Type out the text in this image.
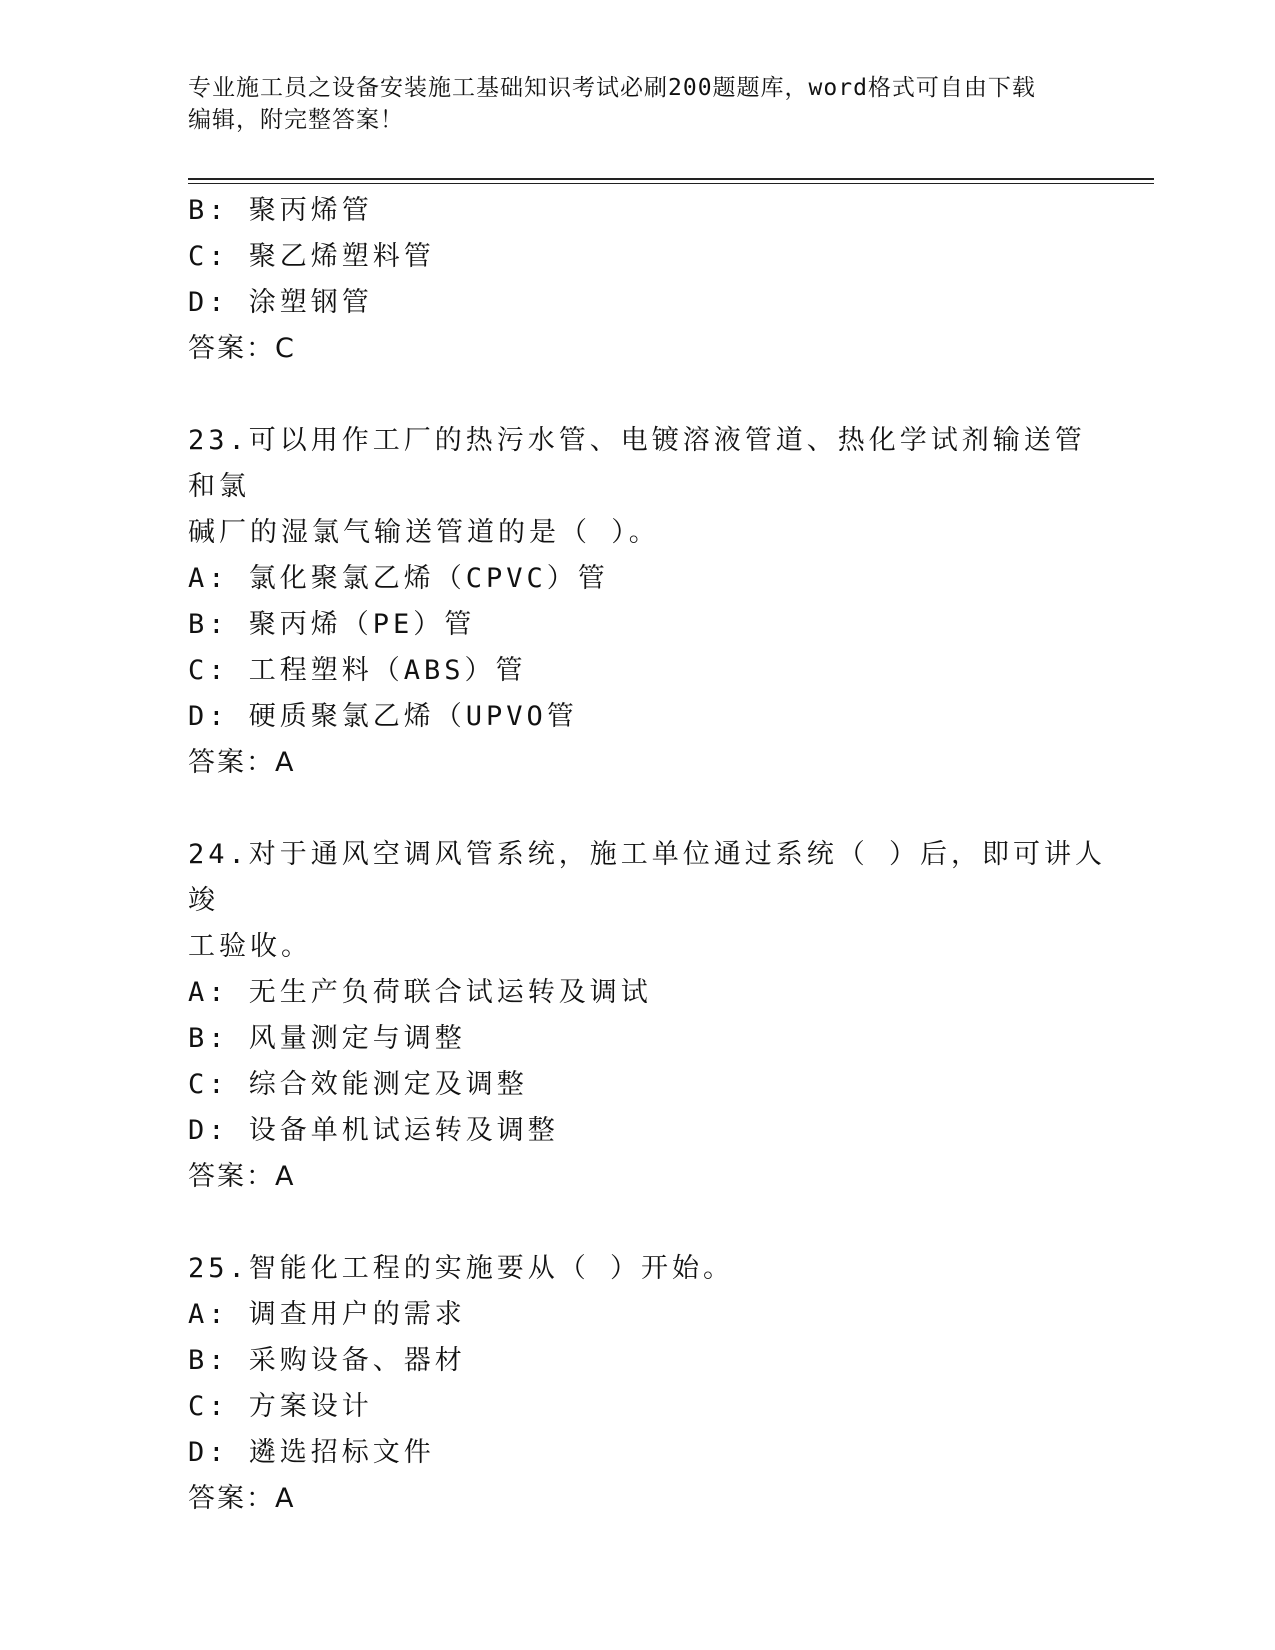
专业施工员之设备安装施工基础知识考试必刷200题题库，word格式可自由下载
编辑，附完整答案！
B: 聚丙烯管
C: 聚乙烯塑料管
D: 涂塑钢管
答案：C
23.可以用作工厂的热污水管、电镀溶液管道、热化学试剂输送管和氯
碱厂的湿氯气输送管道的是（ ）。
A: 氯化聚氯乙烯（CPVC）管
B: 聚丙烯（PE）管
C: 工程塑料（ABS）管
D: 硬质聚氯乙烯（UPVO管
答案：A
24.对于通风空调风管系统，施工单位通过系统（ ）后，即可讲人竣
工验收。
A: 无生产负荷联合试运转及调试
B: 风量测定与调整
C: 综合效能测定及调整
D: 设备单机试运转及调整
答案：A
25.智能化工程的实施要从（ ）开始。
A: 调查用户的需求
B: 采购设备、器材
C: 方案设计
D: 遴选招标文件
答案：A
